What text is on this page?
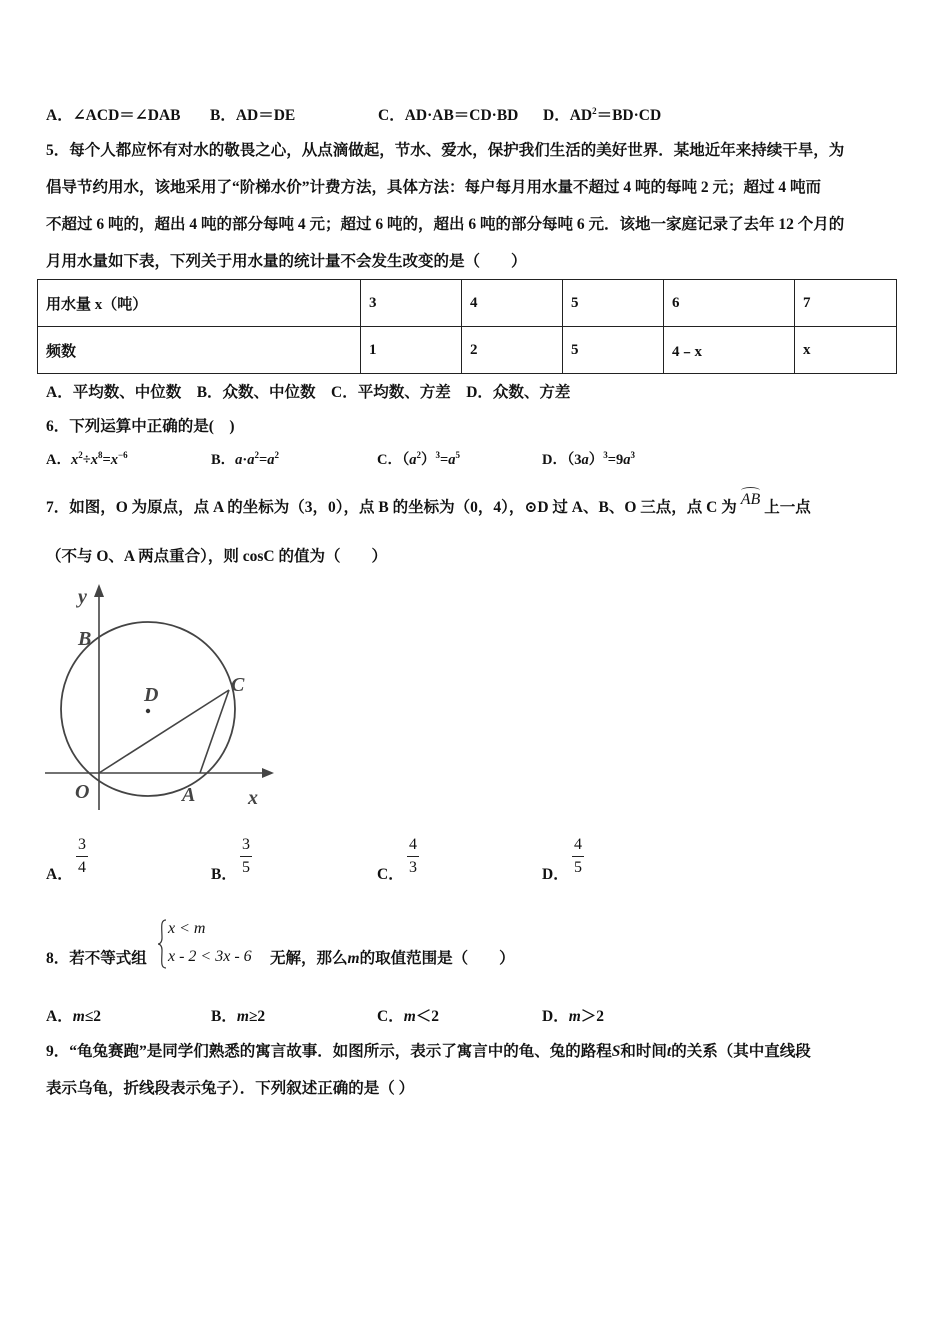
A．∠ACD＝∠DAB B．AD＝DE	C．AD·AB＝CD·BD D．$AD^2=BD\cdot CD$
5．每个人都应怀有对水的敬畏之心，从点滴做起，节水、爱水，保护我们生活的美好世界．某地近年来持续干旱，为
倡导节约用水，该地采用了“阶梯水价”计费方法，具体方法：每户每月用水量不超过 4 吨的每吨 2 元；超过 4 吨而
不超过 6 吨的，超出 4 吨的部分每吨 4 元；超过 6 吨的，超出 6 吨的部分每吨 6 元．该地一家庭记录了去年 12 个月的
月用水量如下表，下列关于用水量的统计量不会发生改变的是（　　）
用水量 x（吨）	3	4	5	6	7
频数	1	2	5	4﹣x	x
A．平均数、中位数　B．众数、中位数　C．平均数、方差　D．众数、方差
6．下列运算中正确的是(　)
A．$x^2\div x^8=x^{-6}$	B．$a\cdot a^2=a^2$	C．$(a^2)^3=a^5$	D．$(3a)^3=9a^3$
7．如图，O 为原点，点 A 的坐标为（3，0），点 B 的坐标为（0，4），⊙D 过 A、B、O 三点，点 C 为 AB 上一点
（不与 O、A 两点重合），则 cosC 的值为（　　）
y
B
D	C
O	A	x
A． $\frac{3}{4}$	B． $\frac{3}{5}$	C． $\frac{4}{3}$	D． $\frac{4}{5}$
8．若不等式组
x < m
x - 2 < 3x - 6 无解，那么m的取值范围是（　　）
A．m≤2	B．m≥2	C．m＜2	D．m＞2
9．“龟兔赛跑”是同学们熟悉的寓言故事．如图所示，表示了寓言中的龟、兔的路程S和时间t的关系（其中直线段
表示乌龟，折线段表示兔子）．下列叙述正确的是（ ）
